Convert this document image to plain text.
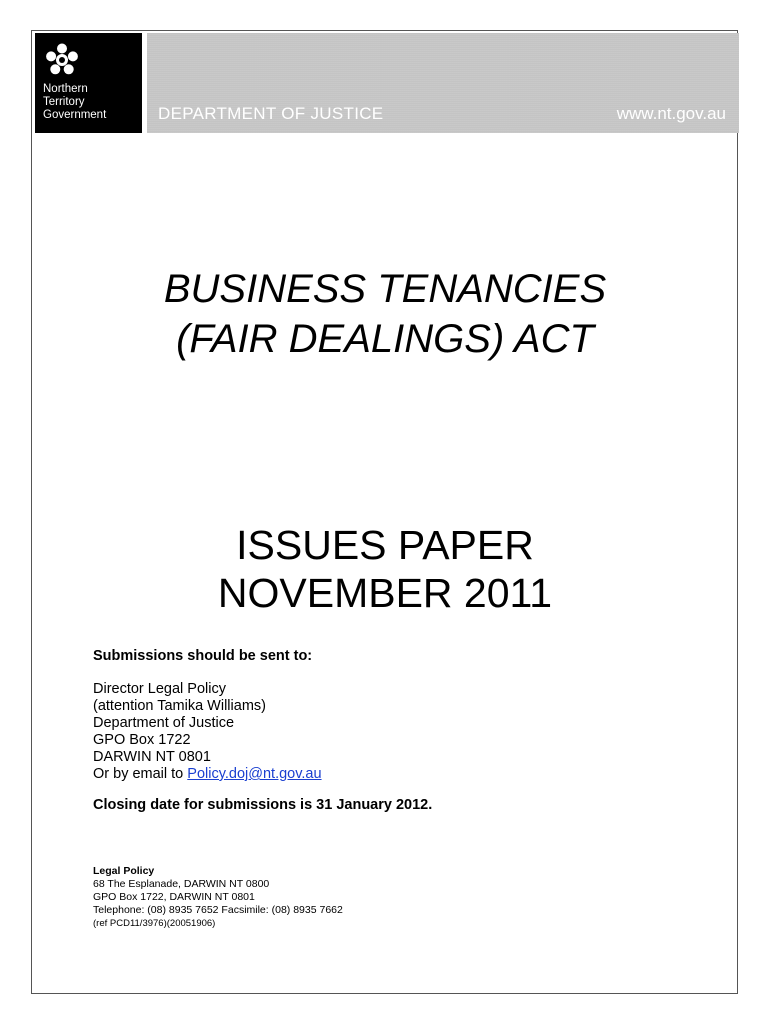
Northern
Territory
Government	DEPARTMENT OF JUSTICE	www.nt.gov.au
BUSINESS TENANCIES
(FAIR DEALINGS) ACT
ISSUES PAPER
NOVEMBER 2011
Submissions should be sent to:
Director Legal Policy
(attention Tamika Williams)
Department of Justice
GPO Box 1722
DARWIN NT 0801
Or by email to Policy.doj@nt.gov.au
Closing date for submissions is 31 January 2012.
Legal Policy
68 The Esplanade, DARWIN NT 0800
GPO Box 1722, DARWIN NT 0801
Telephone: (08) 8935 7652 Facsimile: (08) 8935 7662
(ref PCD11/3976)(20051906)
